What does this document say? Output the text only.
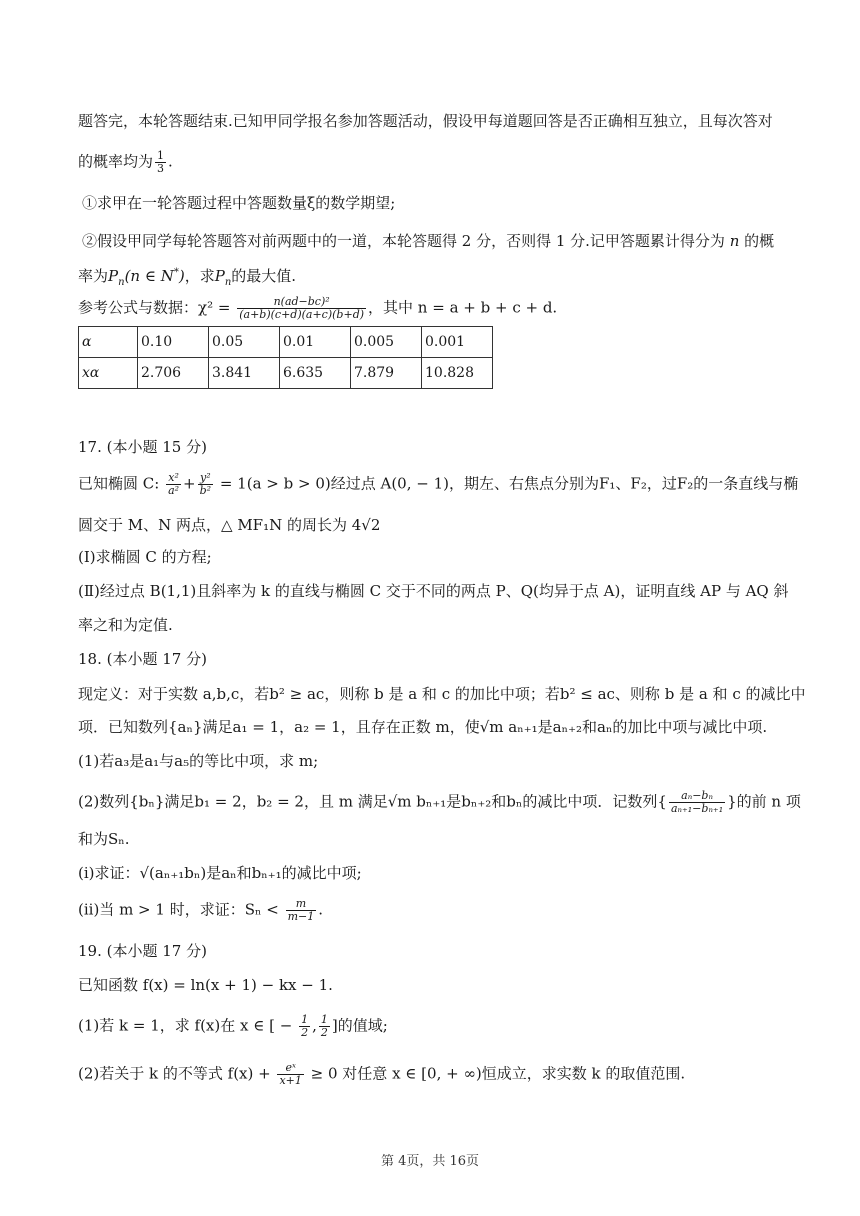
题答完，本轮答题结束.已知甲同学报名参加答题活动，假设甲每道题回答是否正确相互独立，且每次答对
的概率均为 $\frac{1}{3}$ .
①求甲在一轮答题过程中答题数量ξ的数学期望;
②假设甲同学每轮答题答对前两题中的一道，本轮答题得 2 分，否则得 1 分.记甲答题累计得分为 n 的概
率为$P_n(n$ ∈ N*)，求$P_n$的最大值.
参考公式与数据：$\chi^2 = \frac{\text{n(ad−bc)²}}{(a+b)(c+d)(a+c)(b+d)}$ ，其中 n = a + b + c + d.
α	0.10	0.05	0.01	0.005	0.001
xα	2.706	3.841	6.635	7.879	10.828
17. (本小题 15 分)
已知椭圆 C: $\frac{\text{x²}}{\text{a²}} + \frac{\text{y²}}{\text{b²}} = 1(a > b > 0)$经过点 A(0, − 1)，期左、右焦点分别为F₁、F₂，过F₂的一条直线与椭
圆交于 M、N 两点，△ MF₁N 的周长为 4√2
(Ⅰ)求椭圆 C 的方程;
(Ⅱ)经过点 B(1,1)且斜率为 k 的直线与椭圆 C 交于不同的两点 P、Q(均异于点 A)，证明直线 AP 与 AQ 斜
率之和为定值.
18. (本小题 17 分)
现定义：对于实数 a,b,c，若b² ≥ ac，则称 b 是 a 和 c 的加比中项；若b² ≤ ac、则称 b 是 a 和 c 的减比中
项．已知数列{aₙ}满足a₁ = 1，a₂ = 1，且存在正数 m，使√m aₙ₊₁是aₙ₊₂和aₙ的加比中项与减比中项.
(1)若a₃是a₁与a₅的等比中项，求 m;
(2)数列{bₙ}满足b₁ = 2，b₂ = 2，且 m 满足√m bₙ₊₁是bₙ₊₂和bₙ的减比中项．记数列{ $\frac{\text{aₙ−bₙ}}{\text{aₙ₊₁−bₙ₊₁}}$ }的前 n 项
和为Sₙ.
(i)求证：√(aₙ₊₁bₙ)是aₙ和bₙ₊₁的减比中项;
(ii)当 m > 1 时，求证：$S_n < \frac{m}{m-1}$ .
19. (本小题 17 分)
已知函数 f(x) = ln(x + 1) − kx − 1.
(1)若 k = 1，求 f(x)在 x ∈ [ − $\frac{1}{2}$ , $\frac{1}{2}$ ]的值域;
(2)若关于 k 的不等式 $f(x) + \frac{\text{eˣ}}{x+1} \ge 0$ 对任意 x ∈ [0, + ∞)恒成立，求实数 k 的取值范围.
第 4页，共 16页
